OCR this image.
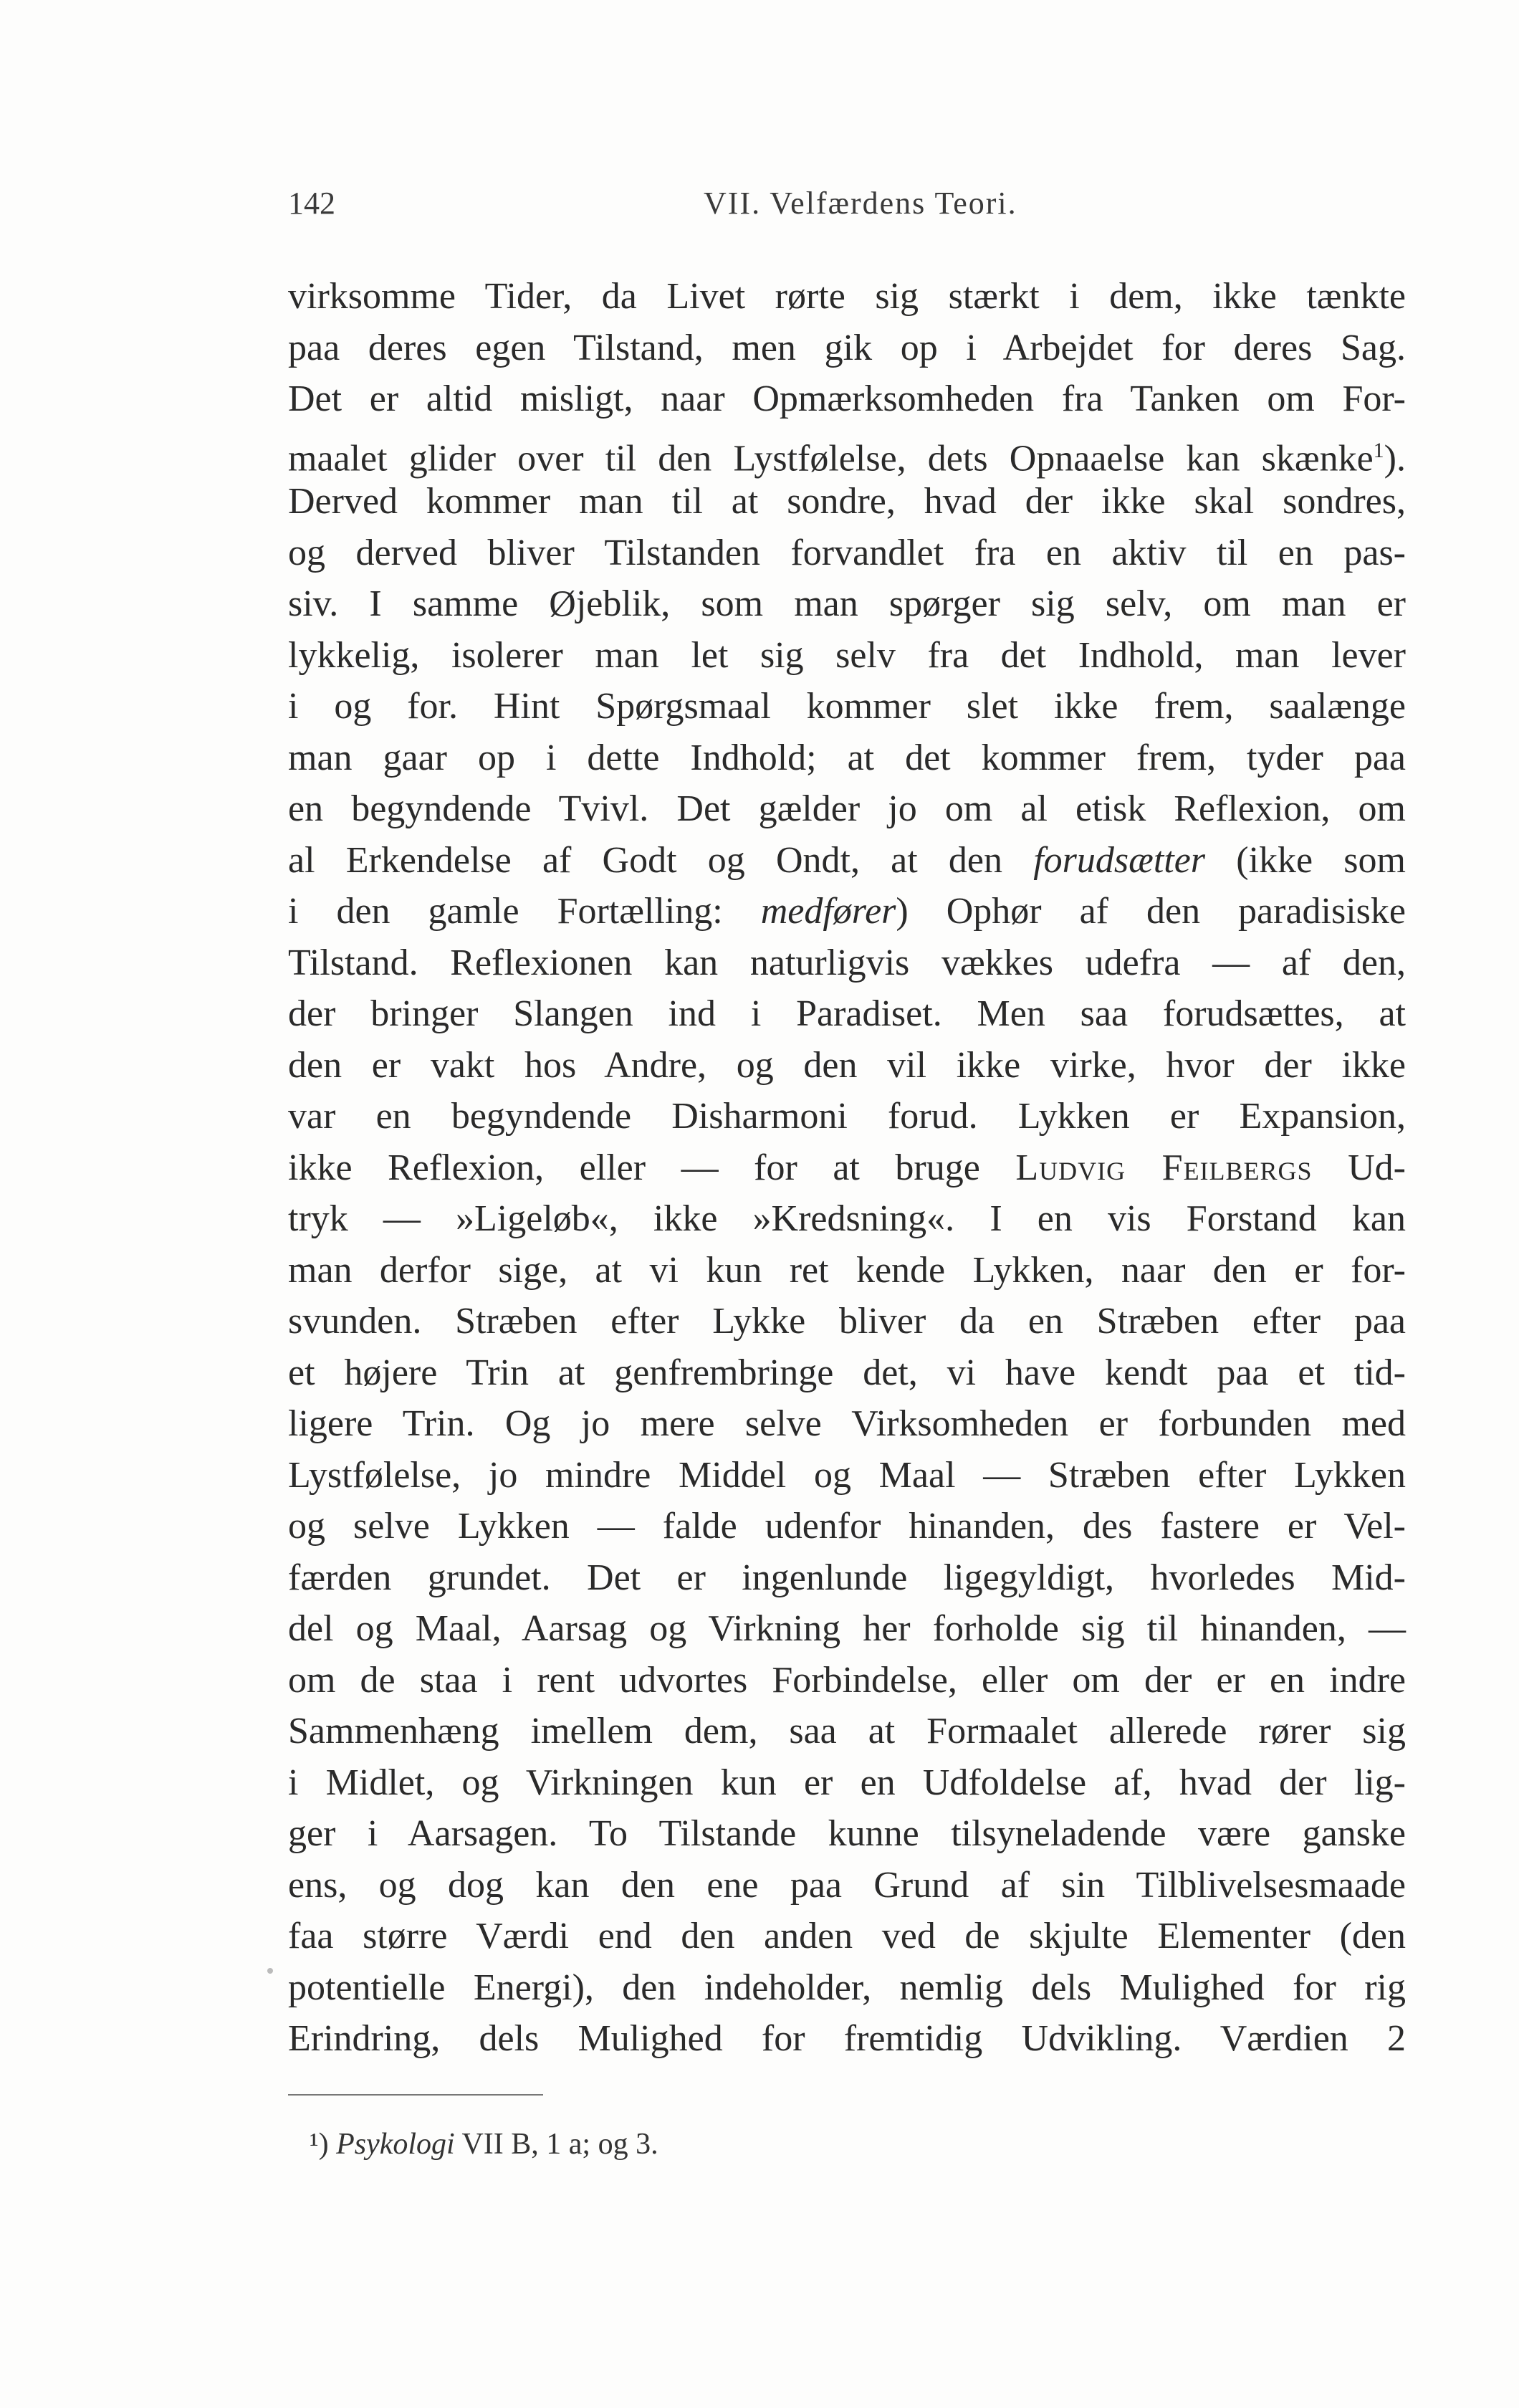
142	VII. Velfærdens Teori.
virksomme Tider, da Livet rørte sig stærkt i dem, ikke tænkte
paa deres egen Tilstand, men gik op i Arbejdet for deres Sag.
Det er altid misligt, naar Opmærksomheden fra Tanken om For-
maalet glider over til den Lystfølelse, dets Opnaaelse kan skænke$^1$).
Derved kommer man til at sondre, hvad der ikke skal sondres,
og derved bliver Tilstanden forvandlet fra en aktiv til en pas-
siv. I samme Øjeblik, som man spørger sig selv, om man er
lykkelig, isolerer man let sig selv fra det Indhold, man lever
i og for. Hint Spørgsmaal kommer slet ikke frem, saalænge
man gaar op i dette Indhold; at det kommer frem, tyder paa
en begyndende Tvivl. Det gælder jo om al etisk Reflexion, om
al Erkendelse af Godt og Ondt, at den forudsætter (ikke som
i den gamle Fortælling: medfører) Ophør af den paradisiske
Tilstand. Reflexionen kan naturligvis vækkes udefra — af den,
der bringer Slangen ind i Paradiset. Men saa forudsættes, at
den er vakt hos Andre, og den vil ikke virke, hvor der ikke
var en begyndende Disharmoni forud. Lykken er Expansion,
ikke Reflexion, eller — for at bruge Ludvig Feilbergs Ud-
tryk — »Ligeløb«, ikke »Kredsning«. I en vis Forstand kan
man derfor sige, at vi kun ret kende Lykken, naar den er for-
svunden. Stræben efter Lykke bliver da en Stræben efter paa
et højere Trin at genfrembringe det, vi have kendt paa et tid-
ligere Trin. Og jo mere selve Virksomheden er forbunden med
Lystfølelse, jo mindre Middel og Maal — Stræben efter Lykken
og selve Lykken — falde udenfor hinanden, des fastere er Vel-
færden grundet. Det er ingenlunde ligegyldigt, hvorledes Mid-
del og Maal, Aarsag og Virkning her forholde sig til hinanden, —
om de staa i rent udvortes Forbindelse, eller om der er en indre
Sammenhæng imellem dem, saa at Formaalet allerede rører sig
i Midlet, og Virkningen kun er en Udfoldelse af, hvad der lig-
ger i Aarsagen. To Tilstande kunne tilsyneladende være ganske
ens, og dog kan den ene paa Grund af sin Tilblivelsesmaade
faa større Værdi end den anden ved de skjulte Elementer (den
potentielle Energi), den indeholder, nemlig dels Mulighed for rig
Erindring, dels Mulighed for fremtidig Udvikling. Værdien 2
¹) Psykologi VII B, 1 a; og 3.
